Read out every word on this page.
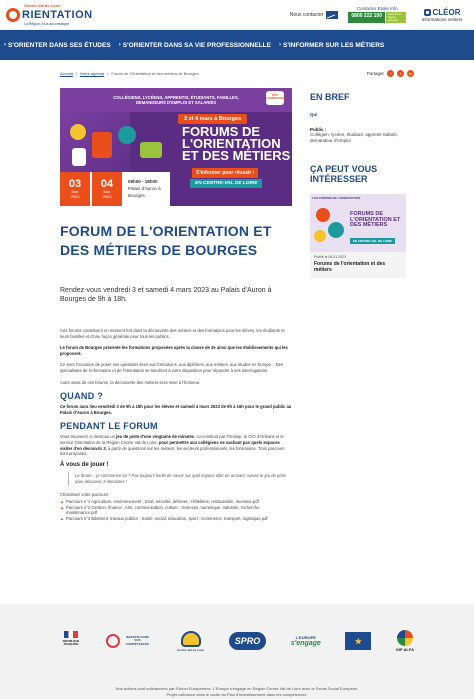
Centre-Val de Loire
RIENTATION
La Région vous accompagne
Nous contacter
Contacter Etoile Info
0800 222 100	Service & appel gratuits
CLÉOR
Informations métiers
› S'ORIENTER DANS SES ÉTUDES › S'ORIENTER DANS SA VIE PROFESSIONNELLE › S'INFORMER SUR LES MÉTIERS
Accueil / Notre agenda / Forum de l'Orientation et des métiers de Bourges	Partager	f	t	in
COLLÉGIENS, LYCÉENS, APPRENTIS, ÉTUDIANTS, FAMILLES, DEMANDEURS D'EMPLOI ET SALARIÉS
FÊTE L'ORIENTATION
3 et 4 mars à Bourges
FORUMS DE L'ORIENTATION ET DES MÉTIERS
S'informer pour réussir !
EN CENTRE-VAL DE LOIRE
03
Mar
2023
04
Mar
2023
09h00 - 18h00
Palais d'Auron à
Bourges
FORUM DE L'ORIENTATION ET DES MÉTIERS DE BOURGES

Rendez-vous vendredi 3 et samedi 4 mars 2023 au Palais d'Auron à Bourges de 9h à 18h.

Ces forums constituent un moment fort dans la découverte des métiers et des formations pour les élèves, les étudiants et leurs familles et d'une façon générale pour tous les publics.

Le forum de Bourges présente les formations proposées après la classe de 3e ainsi que les établissements qui les proposent.

Ce sera l'occasion de poser vos questions liées aux formations, aux diplômes, aux métiers, aux études en Europe... Des spécialistes de l'information et de l'orientation se tiendront à votre disposition pour répondre à vos interrogations.

Autre atout de ces forums, la découverte des métiers sera mise à l'honneur.

QUAND ?

Ce forum aura lieu vendredi 3 de 9h à 18h pour les élèves et samedi 4 mars 2023 de 9h à 16h pour le grand public au Palais d'Auron à Bourges.

PENDANT LE FORUM

Vous trouverez ci-dessous un jeu de piste d'une vingtaine de minutes, co-construit par l'Onisep, le CIO d'Orléans et le service Orientation de la Région Centre Val de Loire, pour permettre aux collégiens ne sachant pas quels espaces visiter d'en découvrir 3, à partir de questions sur les métiers, les secteurs professionnels, les formations. Trois parcours sont proposés.

À vous de jouer !
Le forum... je commence où ? Pas toujours facile de savoir sur quel espace aller en arrivant, suivez le jeu de piste pour découvrir 3 domaines !

Choisissez votre parcours :

▲ Parcours n°1 Agriculture, environnement ; Droit, sécurité, défense ; Hôtellerie, restauration, tourisme.pdf
▲ Parcours n°2 Gestion, finance ; Arts, communication, culture ; Sciences, numérique, industrie, recherche, maintenance.pdf
▲ Parcours n°3 Bâtiment, travaux publics ; Santé, social, éducation, sport ; Commerce, transport, logistique.pdf
EN BREF
Qui
Public :
Collégien, lycéen, étudiant, apprenti Salarié, demandeur d'emploi
ÇA PEUT VOUS INTÉRESSER
LES FORUMS DE L'ORIENTATION
FORUMS DE L'ORIENTATION ET DES MÉTIERS
EN CENTRE-VAL DE LOIRE
Publié le 06.01.2023
Forums de l'orientation et des métiers
RÉPUBLIQUE FRANÇAISE
INVESTIR DANS VOS COMPÉTENCES
Centre-Val de Loire
SPRO	L'EUROPE
s'engage	★
GIP ALFA
Nos actions sont cofinancées par l'Union Européenne. L'Europe s'engage en Région Centre-Val de Loire avec le Fonds Social Européen.
Projet cofinancé dans le cadre du Plan d'investissement dans les compétences.
